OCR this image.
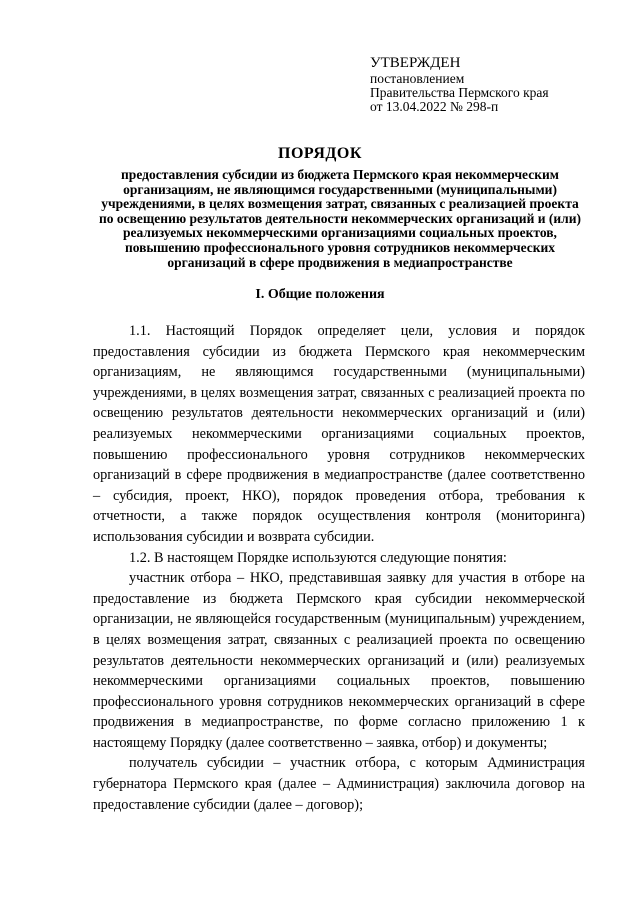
УТВЕРЖДЕН
постановлением
Правительства Пермского края
от 13.04.2022 № 298-п
ПОРЯДОК
предоставления субсидии из бюджета Пермского края некоммерческим организациям, не являющимся государственными (муниципальными) учреждениями, в целях возмещения затрат, связанных с реализацией проекта по освещению результатов деятельности некоммерческих организаций и (или) реализуемых некоммерческими организациями социальных проектов, повышению профессионального уровня сотрудников некоммерческих организаций в сфере продвижения в медиапространстве
I. Общие положения

1.1. Настоящий Порядок определяет цели, условия и порядок предоставления субсидии из бюджета Пермского края некоммерческим организациям, не являющимся государственными (муниципальными) учреждениями, в целях возмещения затрат, связанных с реализацией проекта по освещению результатов деятельности некоммерческих организаций и (или) реализуемых некоммерческими организациями социальных проектов, повышению профессионального уровня сотрудников некоммерческих организаций в сфере продвижения в медиапространстве (далее соответственно – субсидия, проект, НКО), порядок проведения отбора, требования к отчетности, а также порядок осуществления контроля (мониторинга) использования субсидии и возврата субсидии.

1.2. В настоящем Порядке используются следующие понятия:

участник отбора – НКО, представившая заявку для участия в отборе на предоставление из бюджета Пермского края субсидии некоммерческой организации, не являющейся государственным (муниципальным) учреждением, в целях возмещения затрат, связанных с реализацией проекта по освещению результатов деятельности некоммерческих организаций и (или) реализуемых некоммерческими организациями социальных проектов, повышению профессионального уровня сотрудников некоммерческих организаций в сфере продвижения в медиапространстве, по форме согласно приложению 1 к настоящему Порядку (далее соответственно – заявка, отбор) и документы;

получатель субсидии – участник отбора, с которым Администрация губернатора Пермского края (далее – Администрация) заключила договор на предоставление субсидии (далее – договор);
